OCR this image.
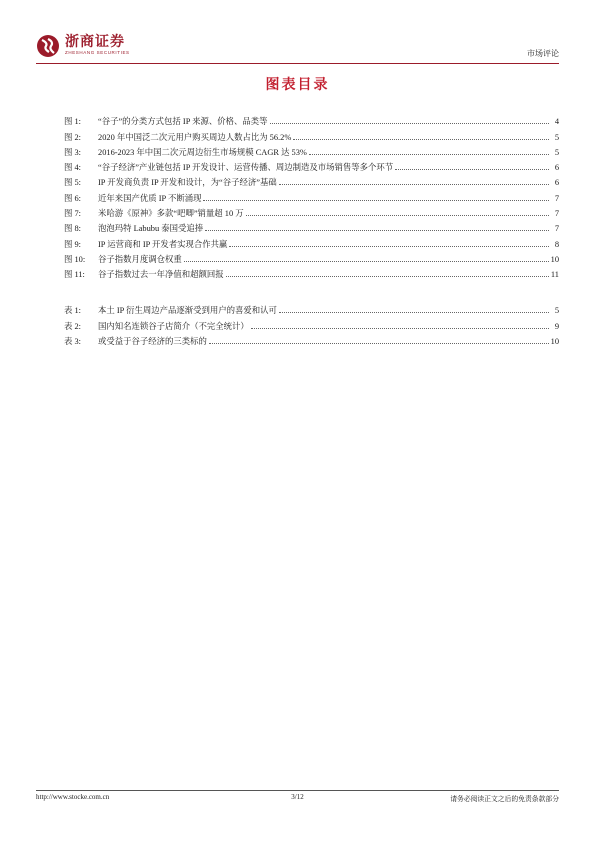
浙商证券
ZHESHANG SECURITIES	市场评论
图表目录
图 1: “谷子”的分类方式包括 IP 来源、价格、品类等	4
图 2: 2020 年中国泛二次元用户购买周边人数占比为 56.2%	5
图 3: 2016-2023 年中国二次元周边衍生市场规模 CAGR 达 53%	5
图 4: “谷子经济”产业链包括 IP 开发设计、运营传播、周边制造及市场销售等多个环节	6
图 5: IP 开发商负责 IP 开发和设计，为“谷子经济”基础	6
图 6: 近年来国产优质 IP 不断涌现	7
图 7: 米哈游《原神》多款“吧唧”销量超 10 万	7
图 8: 泡泡玛特 Labubu 泰国受追捧	7
图 9: IP 运营商和 IP 开发者实现合作共赢	8
图 10: 谷子指数月度调仓权重	10
图 11: 谷子指数过去一年净值和超额回报	11
表 1: 本土 IP 衍生周边产品逐渐受到用户的喜爱和认可	5
表 2: 国内知名连锁谷子店简介（不完全统计）	9
表 3: 或受益于谷子经济的三类标的	10
http://www.stocke.com.cn	3/12	请务必阅读正文之后的免责条款部分
